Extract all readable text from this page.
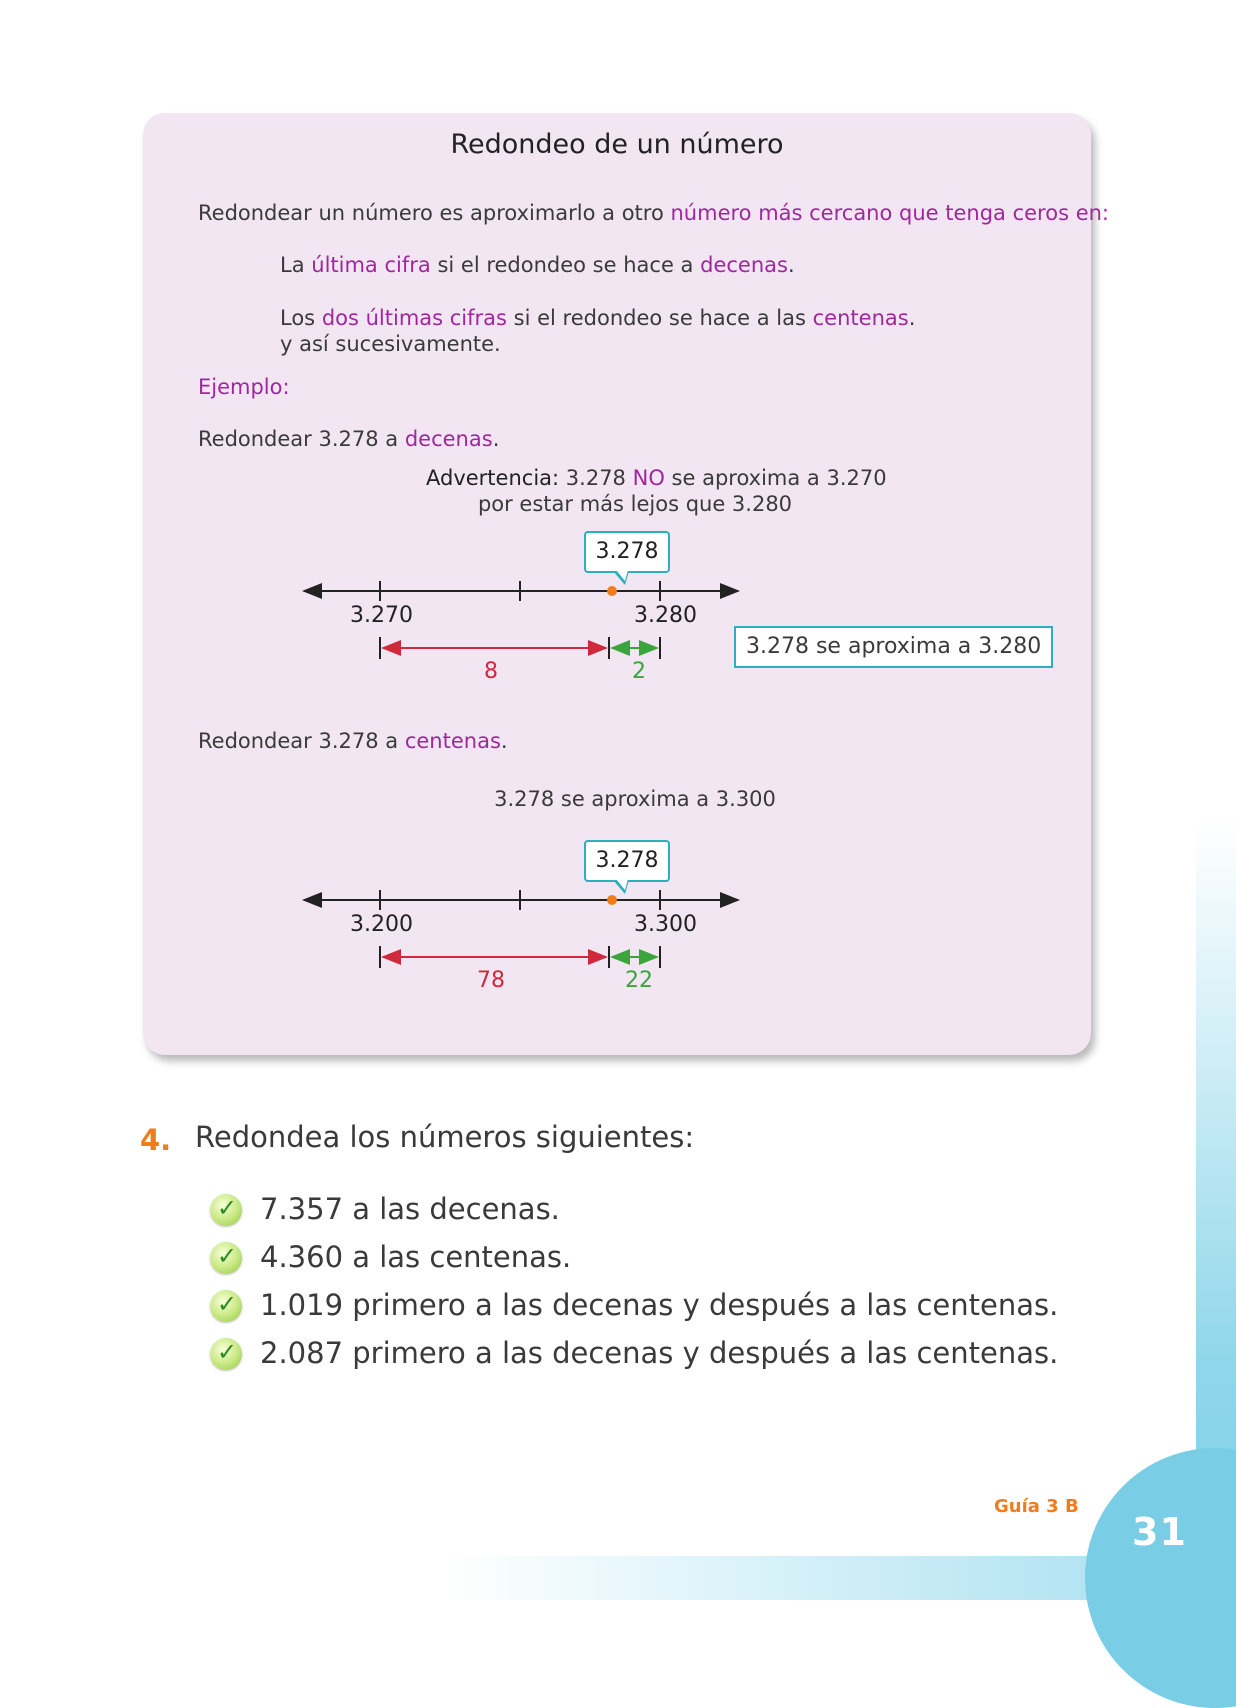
Redondeo de un número
Redondear un número es aproximarlo a otro número más cercano que tenga ceros en:
La última cifra si el redondeo se hace a decenas.
Los dos últimas cifras si el redondeo se hace a las centenas.
y así sucesivamente.
Ejemplo:
Redondear 3.278 a decenas.
Advertencia: 3.278 NO se aproxima a 3.270
por estar más lejos que 3.280
3.278
3.270	3.280
8	2
3.278 se aproxima a 3.280
Redondear 3.278 a centenas.
3.278 se aproxima a 3.300
3.278
3.200	3.300
78	22
4. Redondea los números siguientes:
✓ 7.357 a las decenas.
✓ 4.360 a las centenas.
✓ 1.019 primero a las decenas y después a las centenas.
✓ 2.087 primero a las decenas y después a las centenas.
Guía 3 B
31
